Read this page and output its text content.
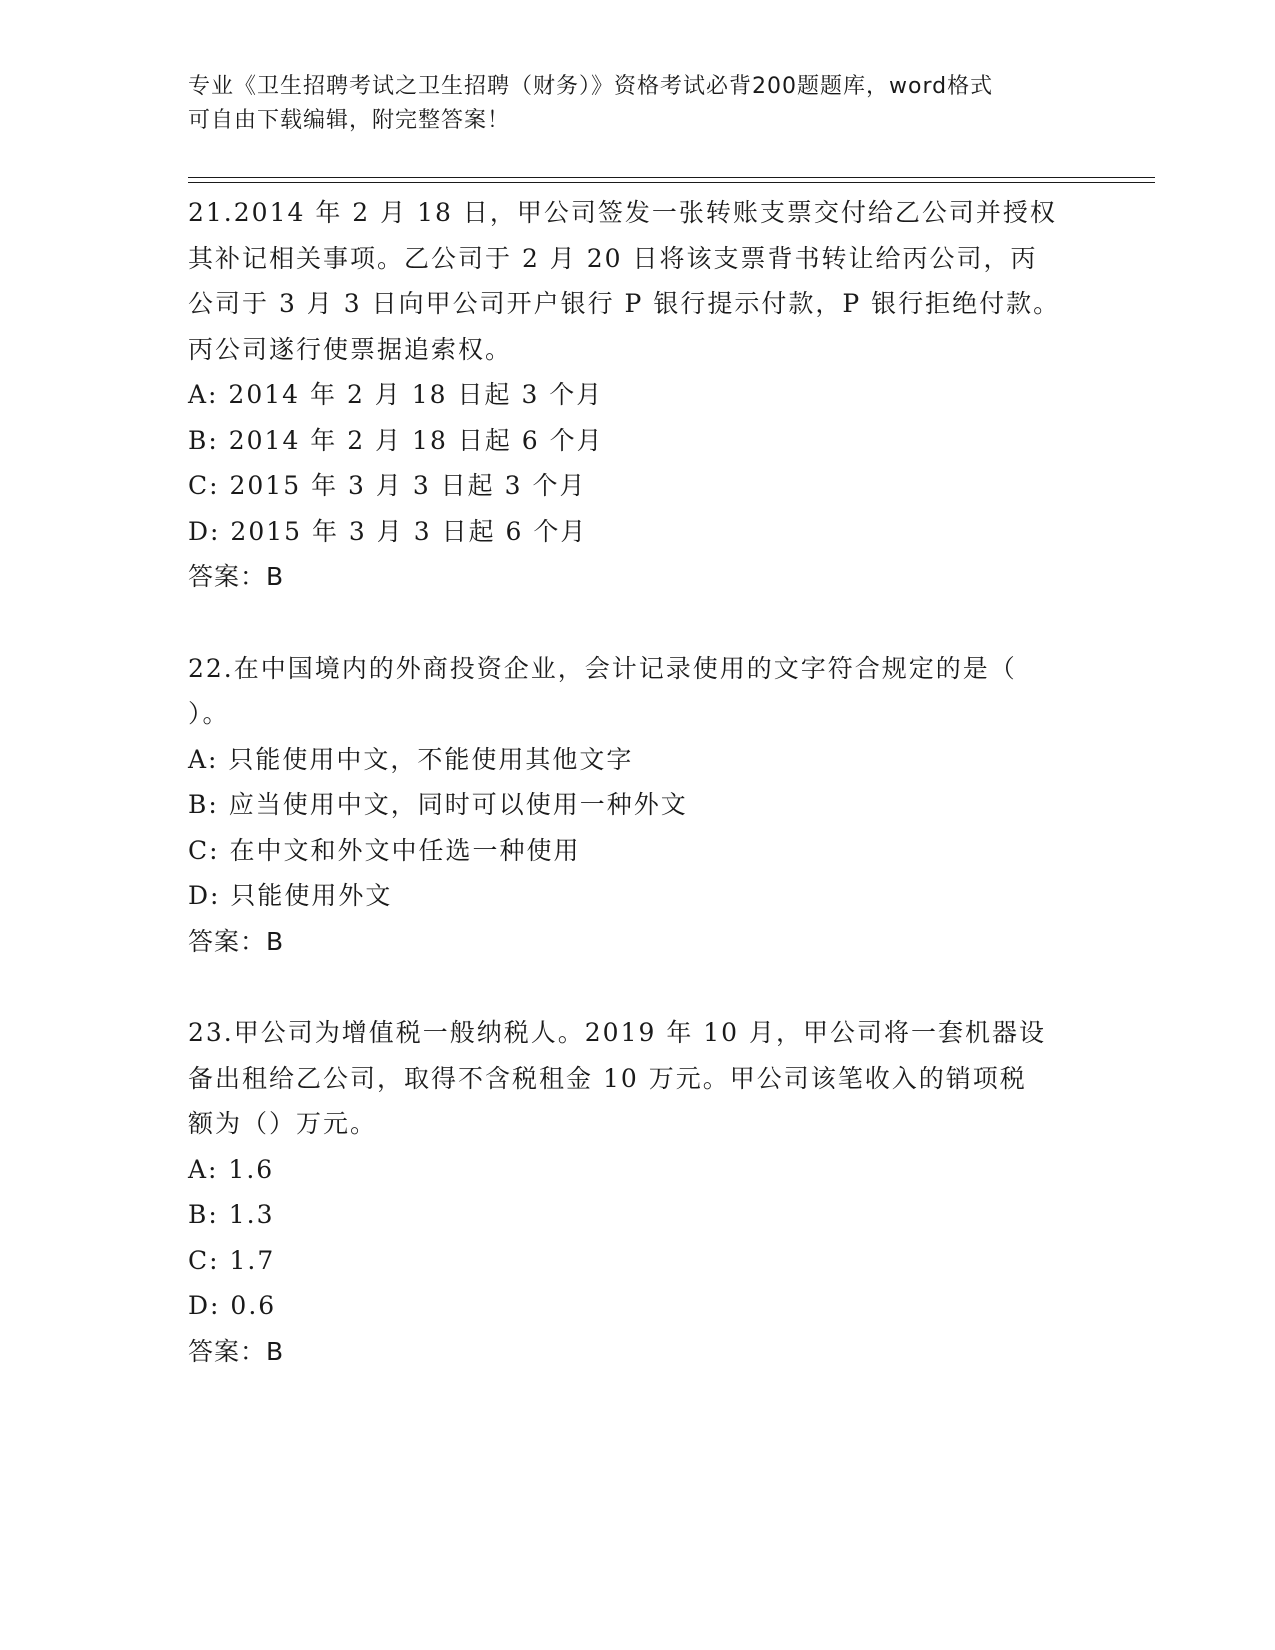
专业《卫生招聘考试之卫生招聘（财务）》资格考试必背200题题库，word格式
可自由下载编辑，附完整答案！
21.2014 年 2 月 18 日，甲公司签发一张转账支票交付给乙公司并授权
其补记相关事项。乙公司于 2 月 20 日将该支票背书转让给丙公司，丙
公司于 3 月 3 日向甲公司开户银行 P 银行提示付款，P 银行拒绝付款。
丙公司遂行使票据追索权。
A: 2014 年 2 月 18 日起 3 个月
B: 2014 年 2 月 18 日起 6 个月
C: 2015 年 3 月 3 日起 3 个月
D: 2015 年 3 月 3 日起 6 个月
答案：B
22.在中国境内的外商投资企业，会计记录使用的文字符合规定的是（
）。
A: 只能使用中文，不能使用其他文字
B: 应当使用中文，同时可以使用一种外文
C: 在中文和外文中任选一种使用
D: 只能使用外文
答案：B
23.甲公司为增值税一般纳税人。2019 年 10 月，甲公司将一套机器设
备出租给乙公司，取得不含税租金 10 万元。甲公司该笔收入的销项税
额为（）万元。
A: 1.6
B: 1.3
C: 1.7
D: 0.6
答案：B
